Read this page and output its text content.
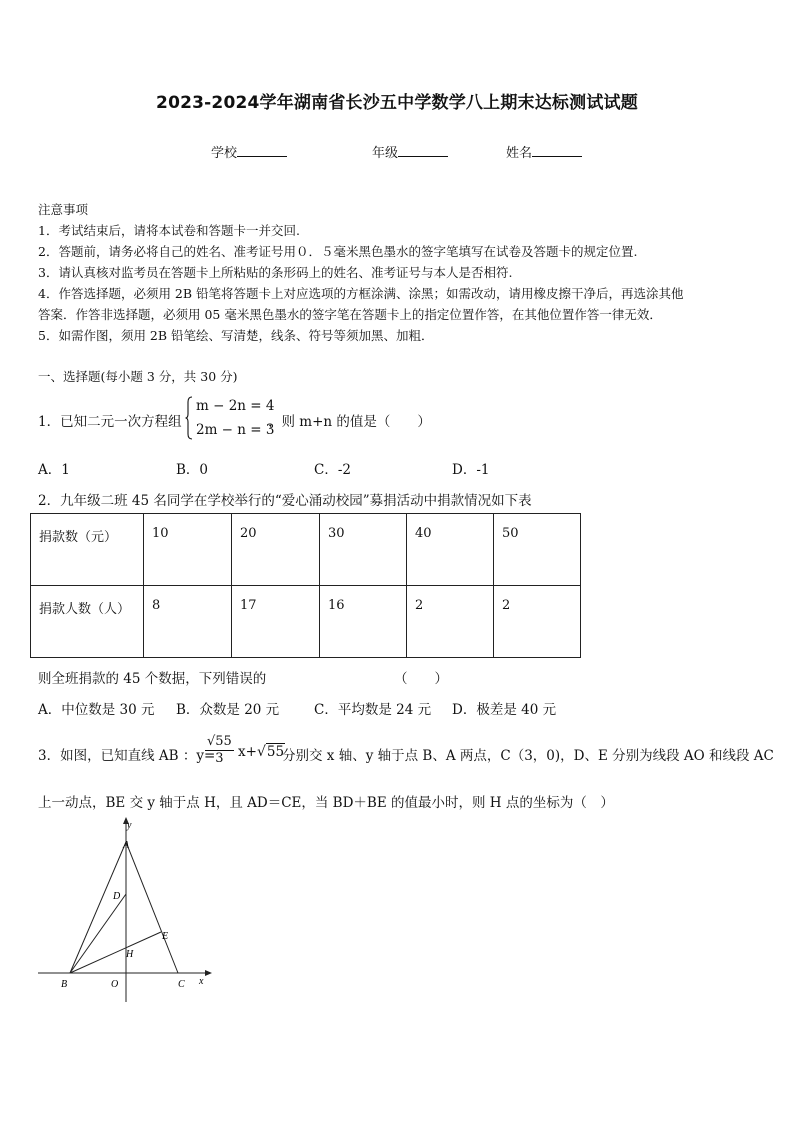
2023-2024学年湖南省长沙五中学数学八上期末达标测试试题
学校	年级	姓名
注意事项
1．考试结束后，请将本试卷和答题卡一并交回.
2．答题前，请务必将自己的姓名、准考证号用０．５毫米黑色墨水的签字笔填写在试卷及答题卡的规定位置.
3．请认真核对监考员在答题卡上所粘贴的条形码上的姓名、准考证号与本人是否相符.
4．作答选择题，必须用 2B 铅笔将答题卡上对应选项的方框涂满、涂黑；如需改动，请用橡皮擦干净后，再选涂其他
答案．作答非选择题，必须用 05 毫米黑色墨水的签字笔在答题卡上的指定位置作答，在其他位置作答一律无效．
5．如需作图，须用 2B 铅笔绘、写清楚，线条、符号等须加黑、加粗．
一、选择题(每小题 3 分，共 30 分)
1．已知二元一次方程组
m − 2n = 4
2m − n = 3
，则 m+n 的值是（　　）
A．1	B．0	C．-2	D．-1
2．九年级二班 45 名同学在学校举行的“爱心涌动校园”募捐活动中捐款情况如下表
捐款数（元）	10	20	30	40	50
捐款人数（人）	8	17	16	2	2
则全班捐款的 45 个数据，下列错误的	（　　）
A．中位数是 30 元 B．众数是 20 元	C．平均数是 24 元 D．极差是 40 元
3．如图，已知直线 AB ：y=
$\frac{√55}{3} x+√55$
分别交 x 轴、y 轴于点 B、A 两点，C（3，0)，D、E 分别为线段 AO 和线段 AC
上一动点，BE 交 y 轴于点 H，且 AD＝CE，当 BD＋BE 的值最小时，则 H 点的坐标为（　）
y
A
D
E
H
B	O	C x
